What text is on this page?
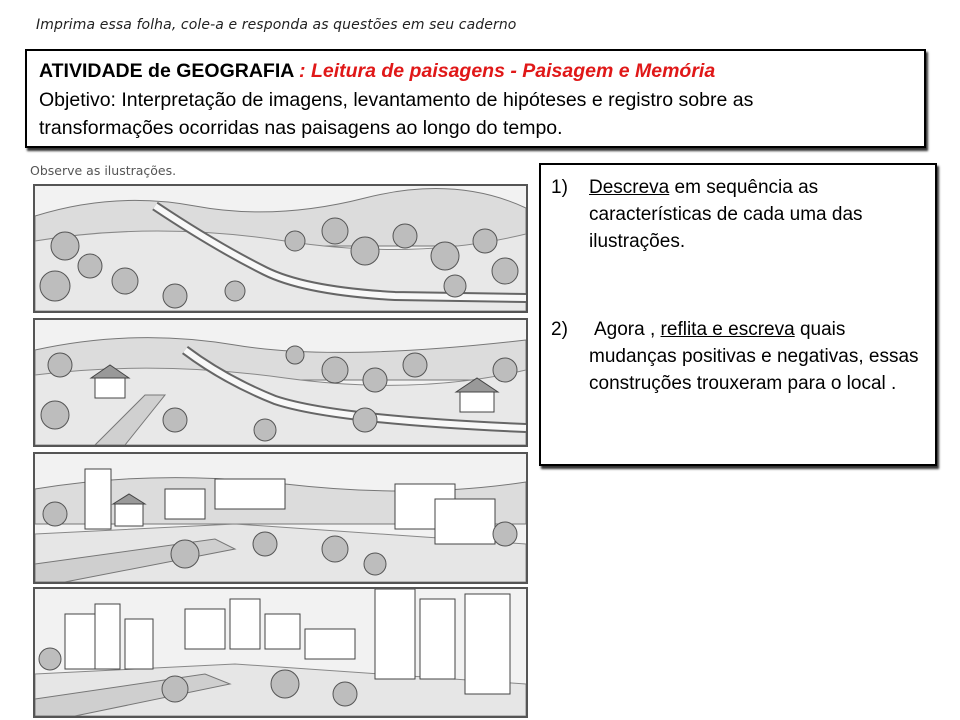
Imprima essa folha, cole-a e responda as questões em seu caderno
ATIVIDADE de GEOGRAFIA : Leitura de paisagens - Paisagem e Memória
Objetivo: Interpretação de imagens, levantamento de hipóteses e registro sobre as
transformações ocorridas nas paisagens ao longo do tempo.
Observe as ilustrações.
1) Descreva em sequência as características de cada uma das ilustrações.
2) Agora , reflita e escreva quais mudanças positivas e negativas, essas construções trouxeram para o local .
